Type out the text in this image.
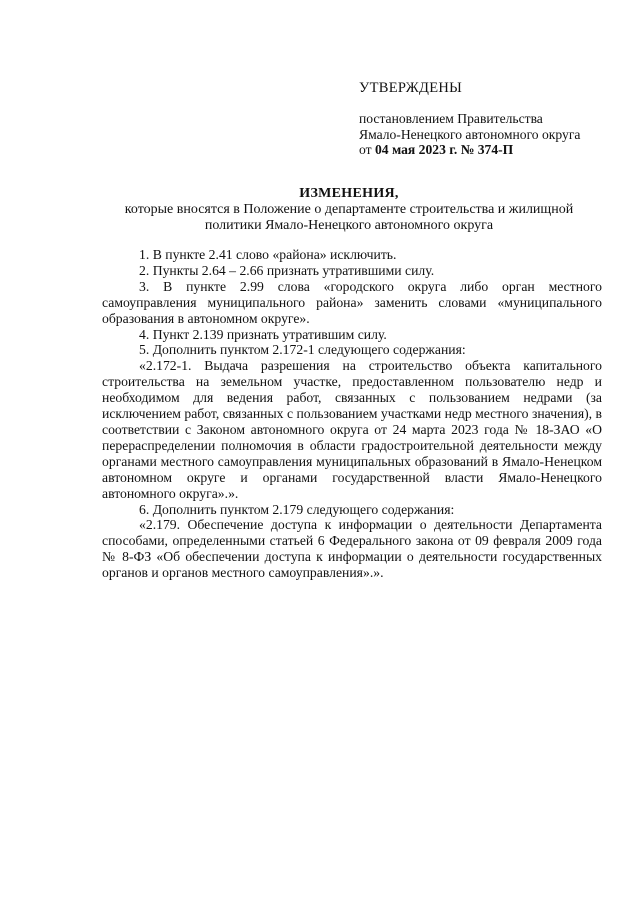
УТВЕРЖДЕНЫ
постановлением Правительства
Ямало-Ненецкого автономного округа
от 04 мая 2023 г. № 374-П
ИЗМЕНЕНИЯ,
которые вносятся в Положение о департаменте строительства и жилищной
политики Ямало-Ненецкого автономного округа

1. В пункте 2.41 слово «района» исключить.

2. Пункты 2.64 – 2.66 признать утратившими силу.

3. В пункте 2.99 слова «городского округа либо орган местного самоуправления муниципального района» заменить словами «муниципального образования в автономном округе».

4. Пункт 2.139 признать утратившим силу.

5. Дополнить пунктом 2.172-1 следующего содержания:

«2.172-1. Выдача разрешения на строительство объекта капитального строительства на земельном участке, предоставленном пользователю недр и необходимом для ведения работ, связанных с пользованием недрами (за исключением работ, связанных с пользованием участками недр местного значения), в соответствии с Законом автономного округа от 24 марта 2023 года № 18-ЗАО «О перераспределении полномочия в области градостроительной деятельности между органами местного самоуправления муниципальных образований в Ямало-Ненецком автономном округе и органами государственной власти Ямало-Ненецкого автономного округа».».

6. Дополнить пунктом 2.179 следующего содержания:

«2.179. Обеспечение доступа к информации о деятельности Департамента способами, определенными статьей 6 Федерального закона от 09 февраля 2009 года № 8-ФЗ «Об обеспечении доступа к информации о деятельности государственных органов и органов местного самоуправления».».
